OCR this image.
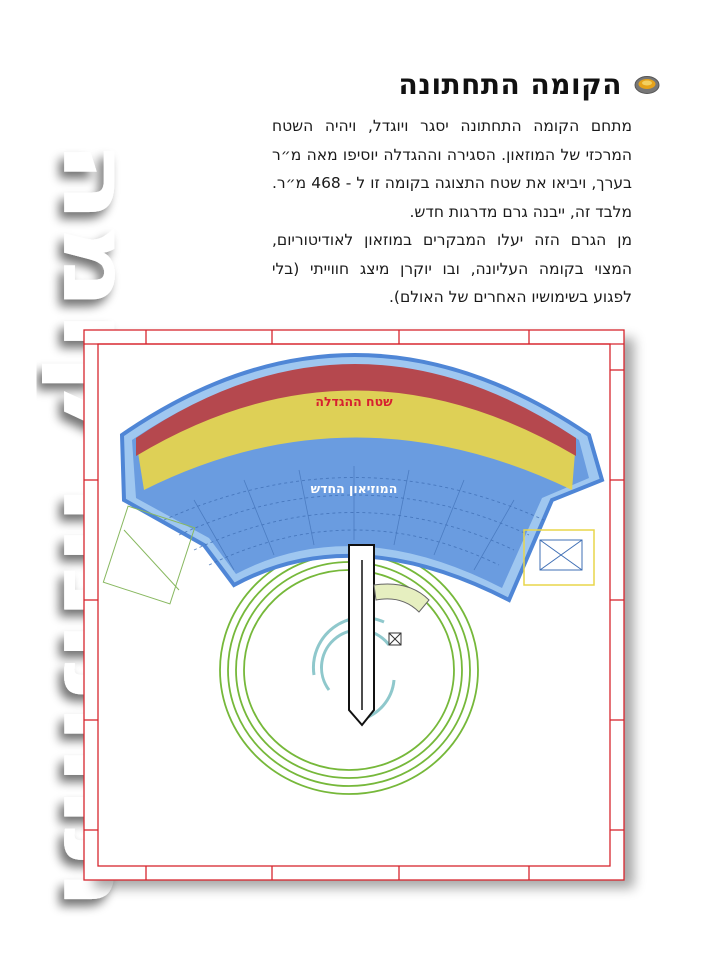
הקומה התחתונה

מתחם הקומה התחתונה יסגר ויוגדל, ויהיה השטח המרכזי של המוזאון. הסגירה וההגדלה יוסיפו מאה מ״ר בערך, ויביאו את שטח התצוגה בקומה זו ל - 468 מ״ר. מלבד זה, ייבנה גרם מדרגות חדש.

מן הגרם הזה יעלו המבקרים במוזאון לאודיטוריום, המצוי בקומה העליונה, ובו יוקרן מיצג חווייתי (בלי לפגוע בשימושיו האחרים של האולם).

שטח ההגדלה
המוזיאון החדש
